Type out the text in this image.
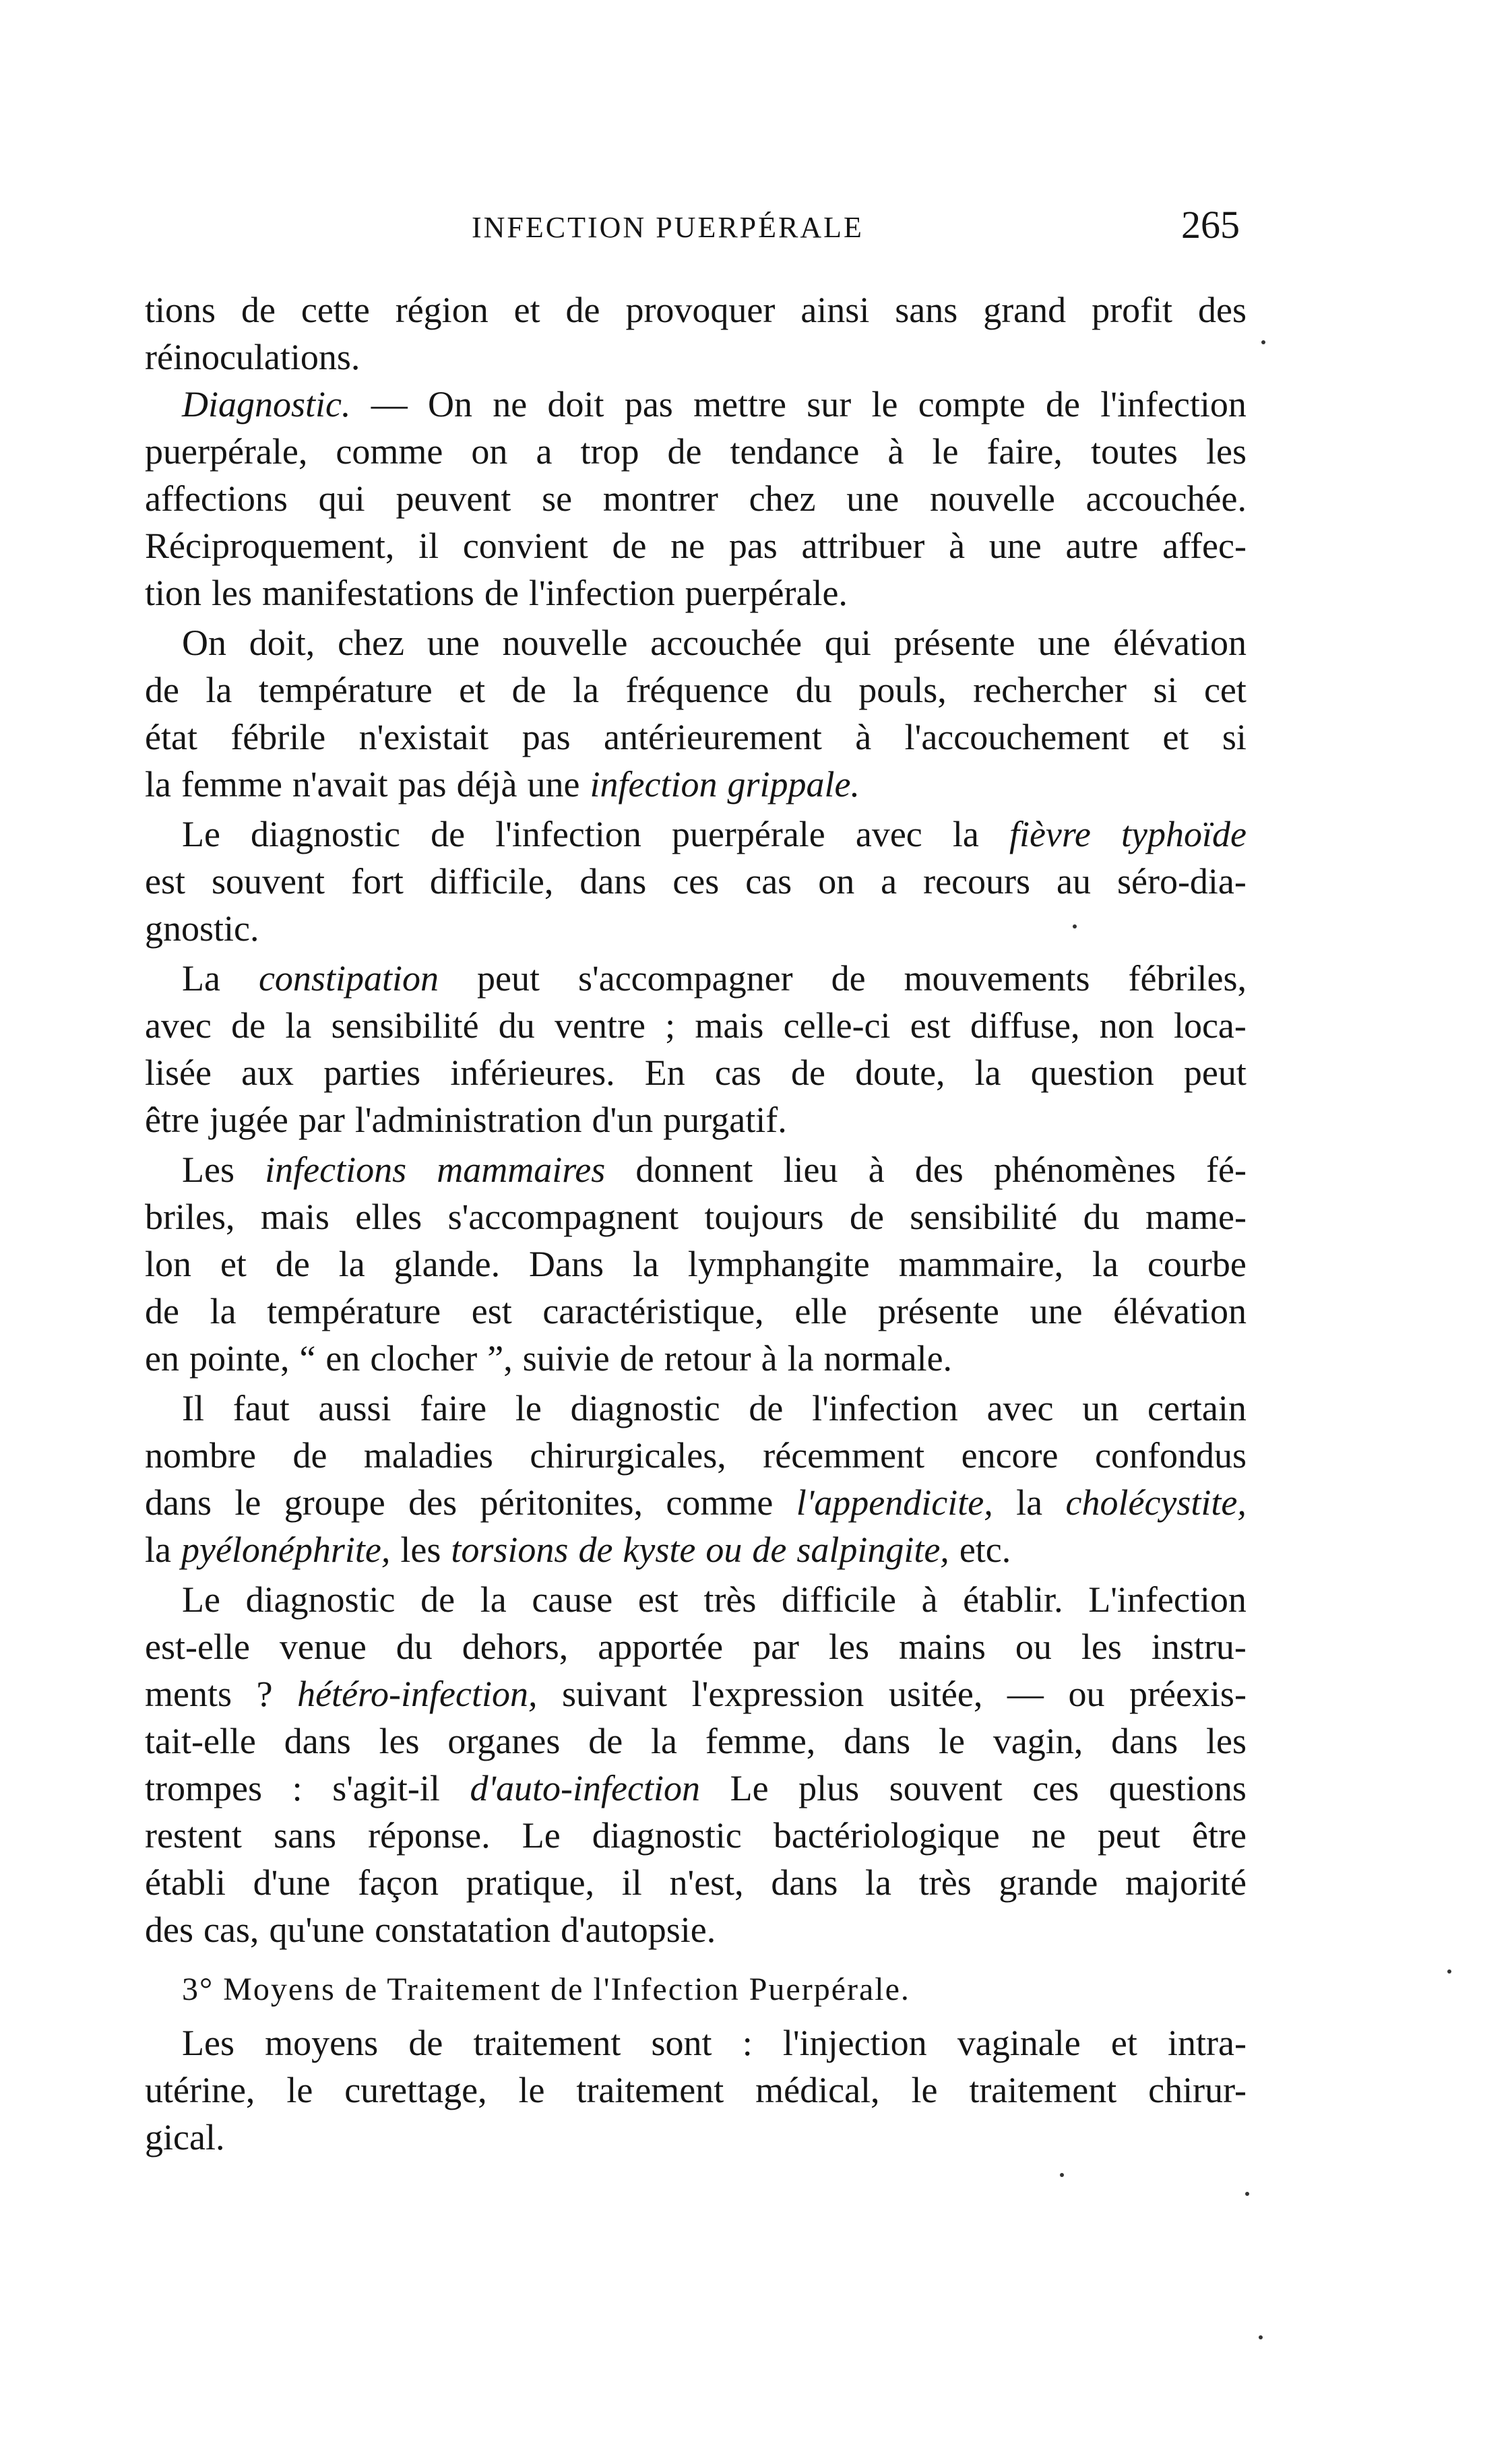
INFECTION PUERPÉRALE	265
tions de cette région et de provoquer ainsi sans grand profit des
réinoculations.
Diagnostic. — On ne doit pas mettre sur le compte de l'infection
puerpérale, comme on a trop de tendance à le faire, toutes les
affections qui peuvent se montrer chez une nouvelle accouchée.
Réciproquement, il convient de ne pas attribuer à une autre affec-
tion les manifestations de l'infection puerpérale.
On doit, chez une nouvelle accouchée qui présente une élévation
de la température et de la fréquence du pouls, rechercher si cet
état fébrile n'existait pas antérieurement à l'accouchement et si
la femme n'avait pas déjà une infection grippale.
Le diagnostic de l'infection puerpérale avec la fièvre typhoïde
est souvent fort difficile, dans ces cas on a recours au séro-dia-
gnostic.
La constipation peut s'accompagner de mouvements fébriles,
avec de la sensibilité du ventre ; mais celle-ci est diffuse, non loca-
lisée aux parties inférieures. En cas de doute, la question peut
être jugée par l'administration d'un purgatif.
Les infections mammaires donnent lieu à des phénomènes fé-
briles, mais elles s'accompagnent toujours de sensibilité du mame-
lon et de la glande. Dans la lymphangite mammaire, la courbe
de la température est caractéristique, elle présente une élévation
en pointe, “ en clocher ”, suivie de retour à la normale.
Il faut aussi faire le diagnostic de l'infection avec un certain
nombre de maladies chirurgicales, récemment encore confondus
dans le groupe des péritonites, comme l'appendicite, la cholécystite,
la pyélonéphrite, les torsions de kyste ou de salpingite, etc.
Le diagnostic de la cause est très difficile à établir. L'infection
est-elle venue du dehors, apportée par les mains ou les instru-
ments ? hétéro-infection, suivant l'expression usitée, — ou préexis-
tait-elle dans les organes de la femme, dans le vagin, dans les
trompes : s'agit-il d'auto-infection Le plus souvent ces questions
restent sans réponse. Le diagnostic bactériologique ne peut être
établi d'une façon pratique, il n'est, dans la très grande majorité
des cas, qu'une constatation d'autopsie.
3° Moyens de Traitement de l'Infection Puerpérale.
Les moyens de traitement sont : l'injection vaginale et intra-
utérine, le curettage, le traitement médical, le traitement chirur-
gical.
